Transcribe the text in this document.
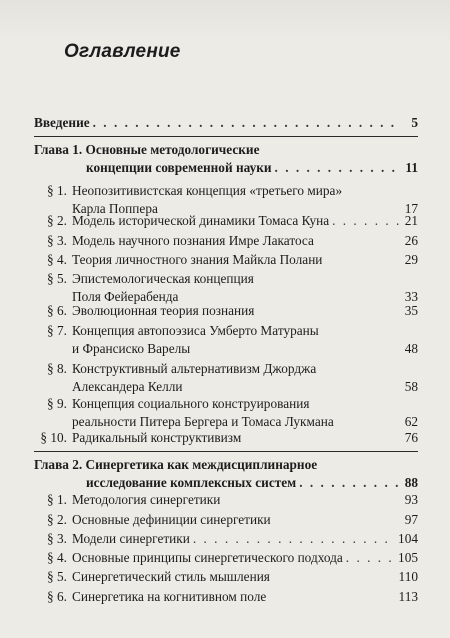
Оглавление
Введение . . .	5
Глава 1. Основные методологические
концепции современной науки . . .	11
§ 1. Неопозитивистская концепция «третьего мира»
Карла Поппера	17
§ 2. Модель исторической динамики Томаса Куна . . .	21
§ 3. Модель научного познания Имре Лакатоса	26
§ 4. Теория личностного знания Майкла Полани	29
§ 5. Эпистемологическая концепция
Поля Фейерабенда	33
§ 6. Эволюционная теория познания	35
§ 7. Концепция автопоэзиса Умберто Матураны
и Франсиско Варелы	48
§ 8. Конструктивный альтернативизм Джорджа
Александера Келли	58
§ 9. Концепция социального конструирования
реальности Питера Бергера и Томаса Лукмана	62
§ 10. Радикальный конструктивизм	76
Глава 2. Синергетика как междисциплинарное
исследование комплексных систем . . .	88
§ 1. Методология синергетики	93
§ 2. Основные дефиниции синергетики	97
§ 3. Модели синергетики . . .	104
§ 4. Основные принципы синергетического подхода . . .	105
§ 5. Синергетический стиль мышления	110
§ 6. Синергетика на когнитивном поле	113
